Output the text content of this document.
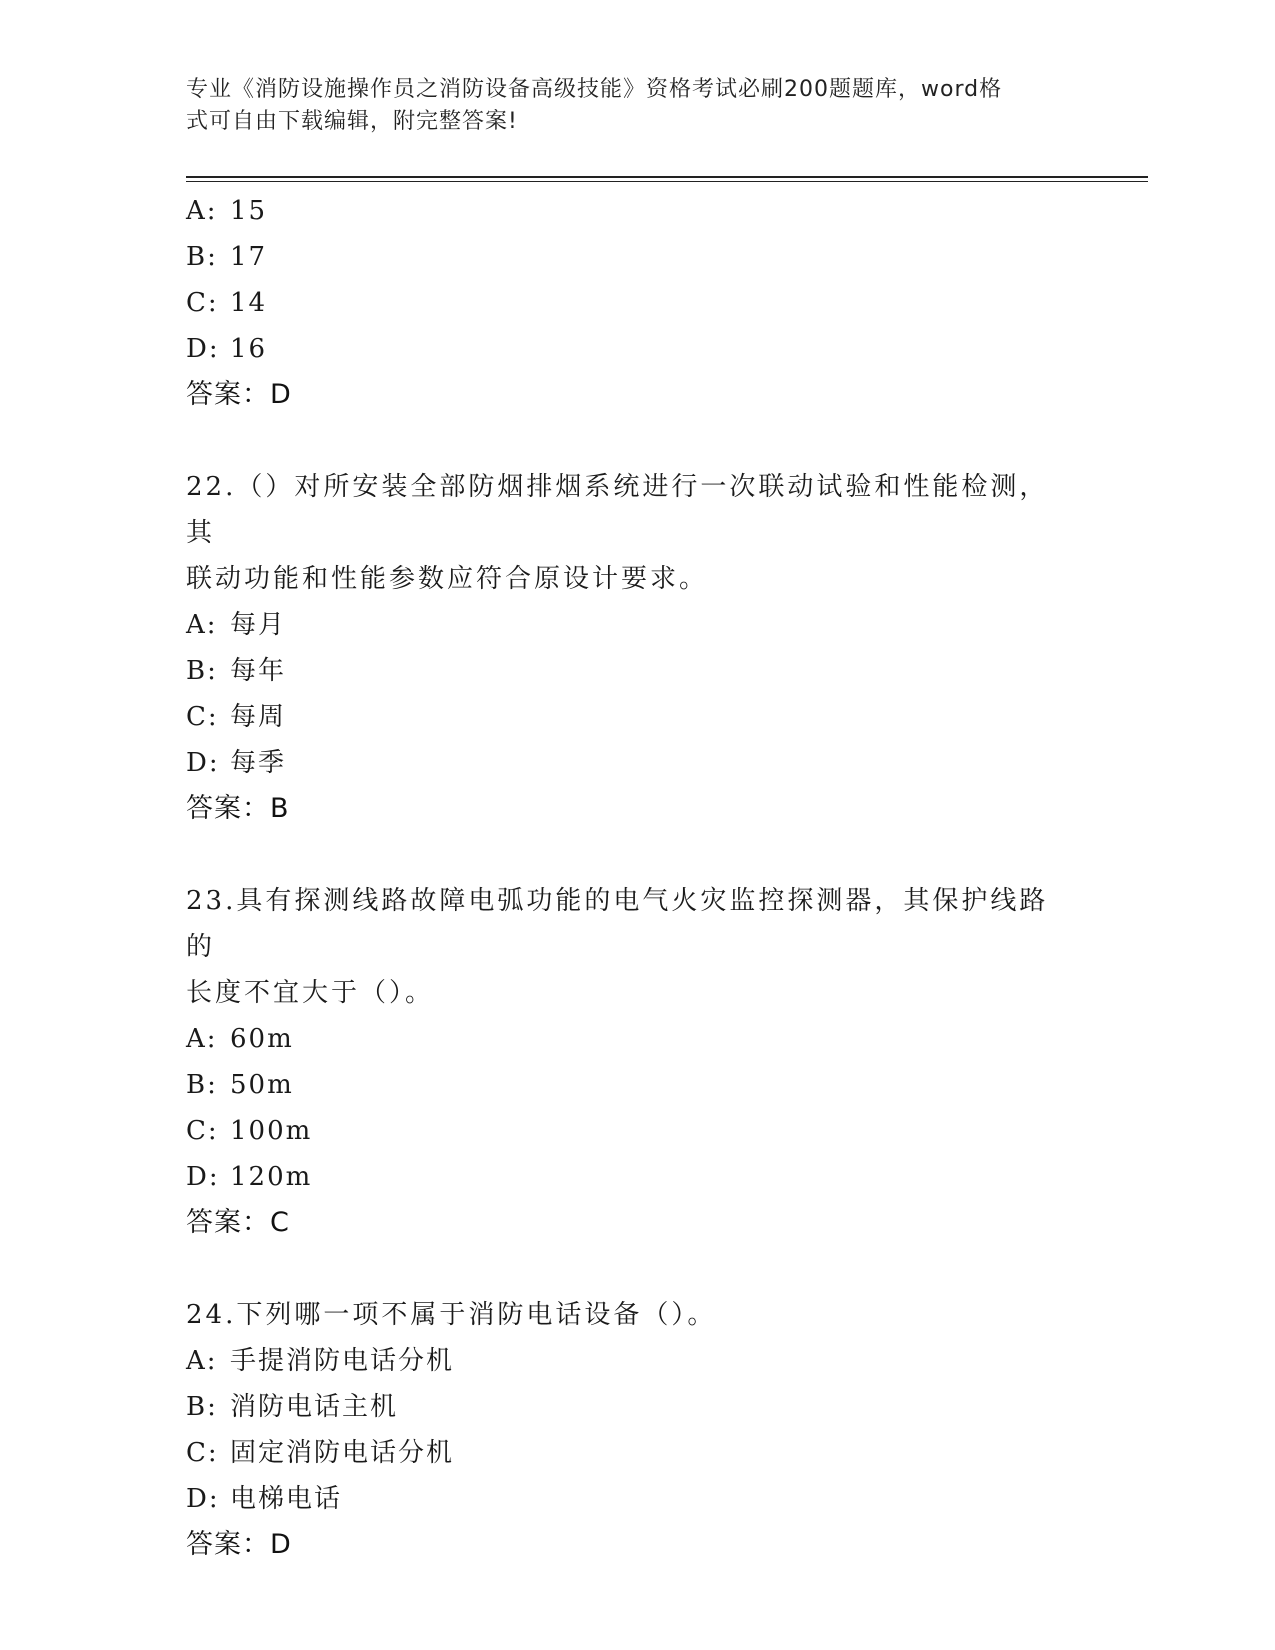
专业《消防设施操作员之消防设备高级技能》资格考试必刷200题题库，word格
式可自由下载编辑，附完整答案!
A: 15
B: 17
C: 14
D: 16
答案：D
22.（）对所安装全部防烟排烟系统进行一次联动试验和性能检测，其
联动功能和性能参数应符合原设计要求。
A: 每月
B: 每年
C: 每周
D: 每季
答案：B
23.具有探测线路故障电弧功能的电气火灾监控探测器，其保护线路的
长度不宜大于（）。
A: 60m
B: 50m
C: 100m
D: 120m
答案：C
24.下列哪一项不属于消防电话设备（）。
A: 手提消防电话分机
B: 消防电话主机
C: 固定消防电话分机
D: 电梯电话
答案：D
